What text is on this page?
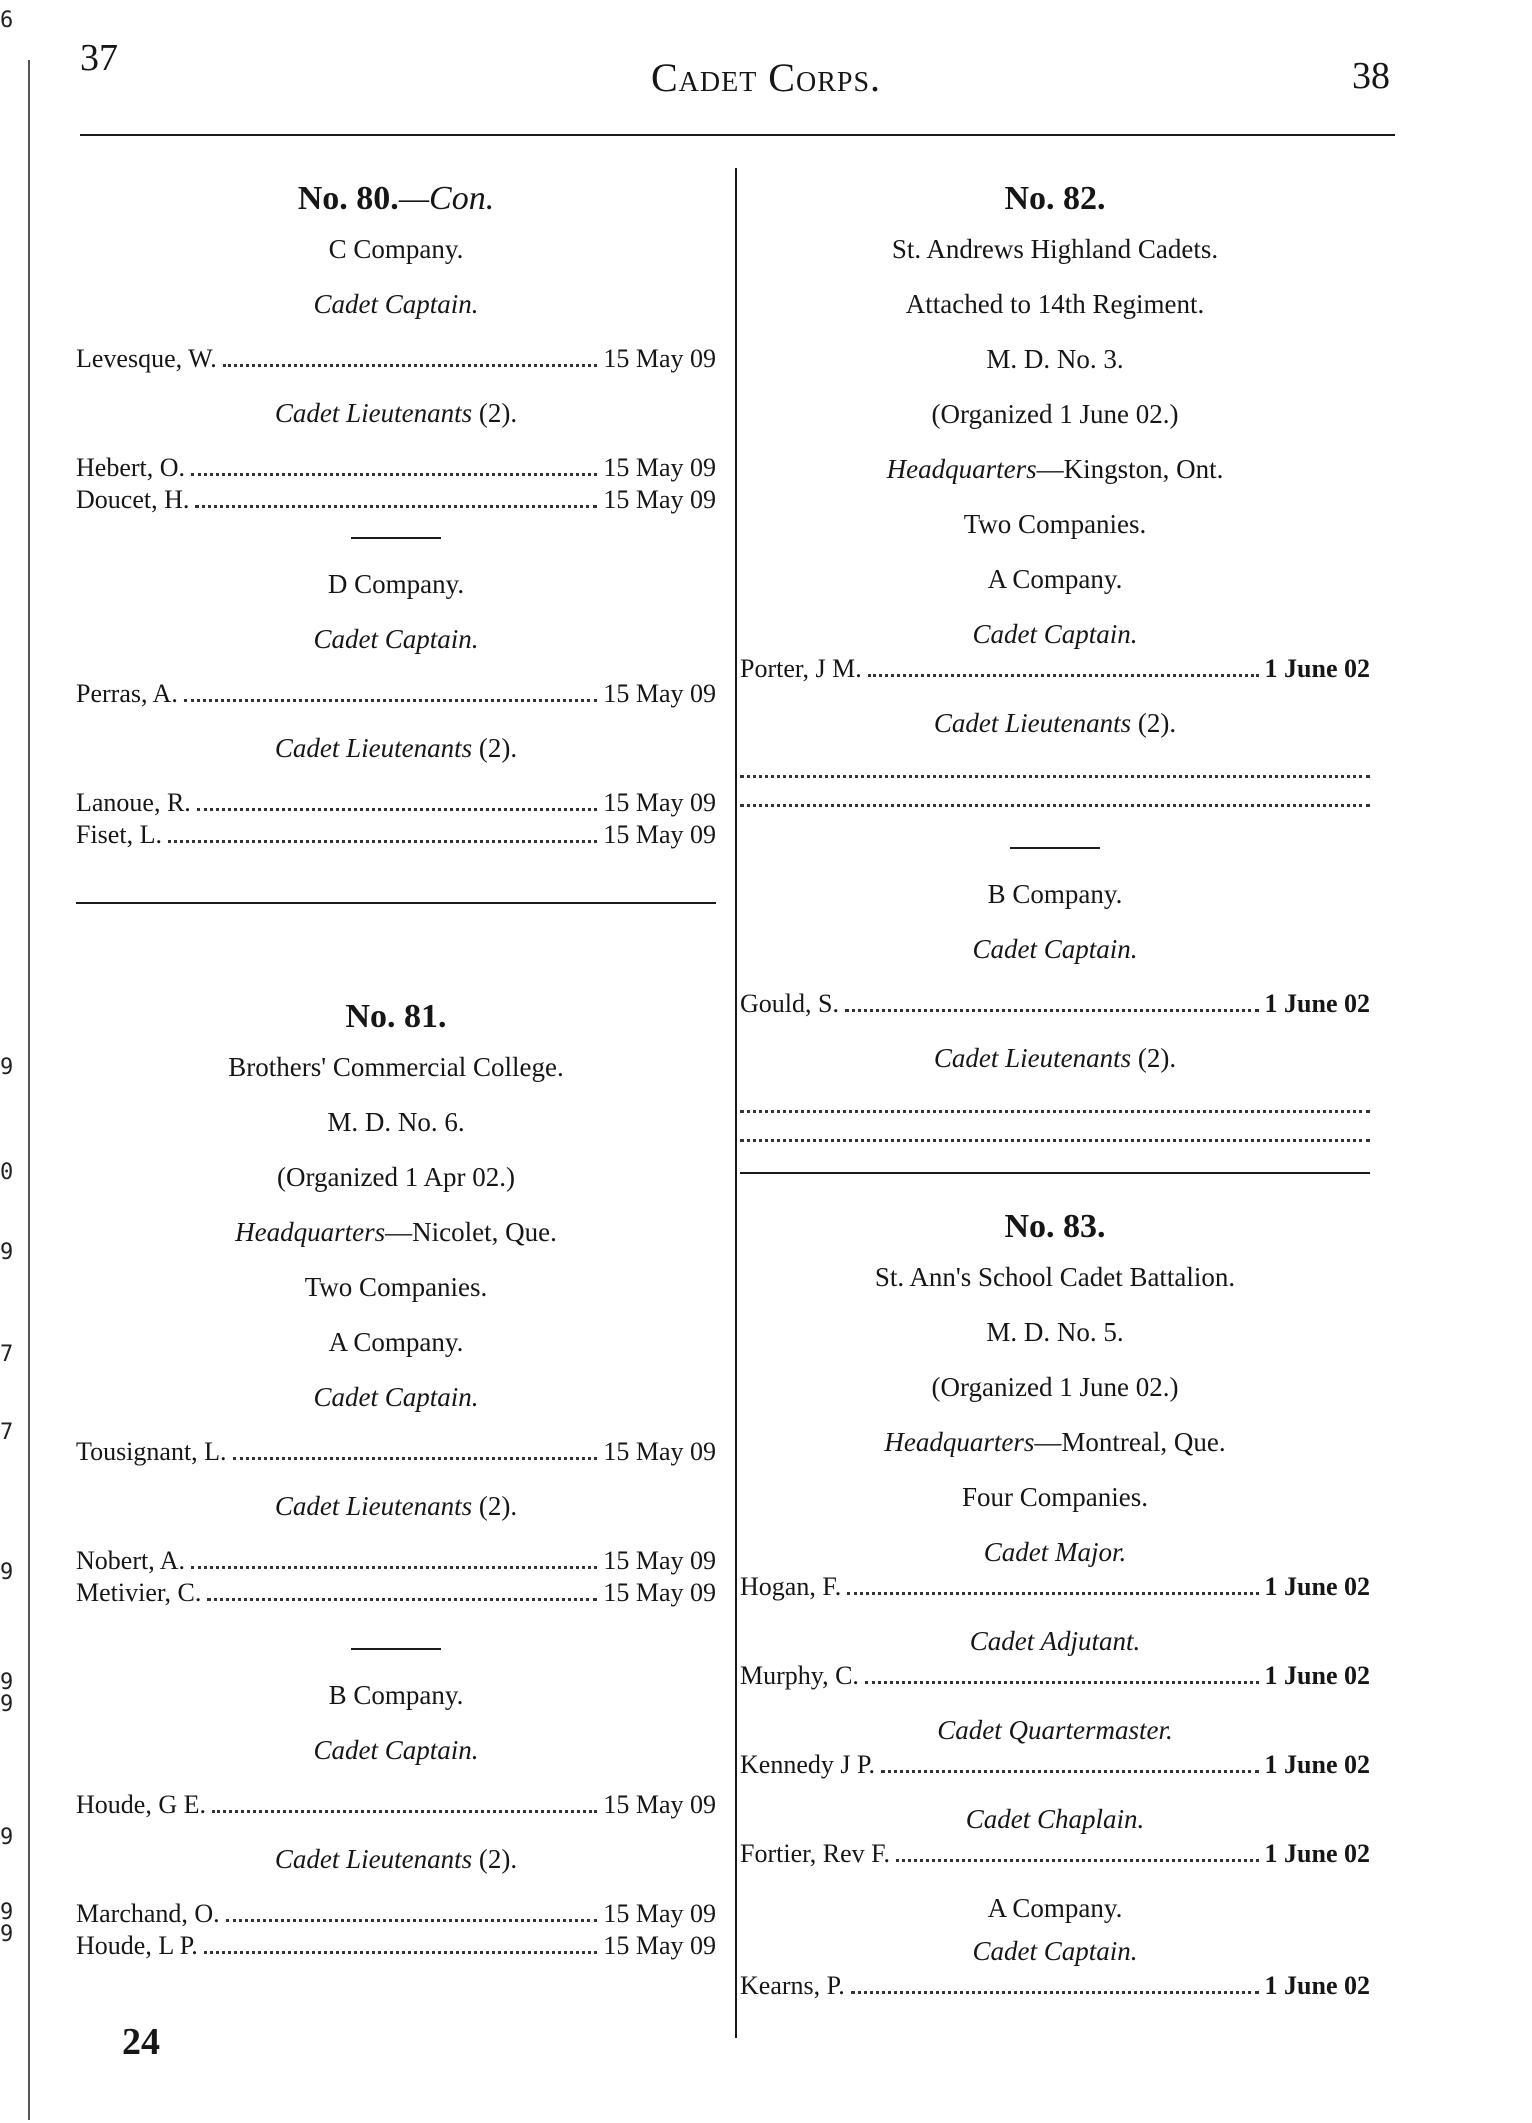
6
9
0
9
7
7
9
9
9
9
9
9
37	Cadet Corps.	38
No. 80.—Con.
C Company.
Cadet Captain.
Levesque, W.	15 May 09
Cadet Lieutenants (2).
Hebert, O.	15 May 09
Doucet, H.	15 May 09
D Company.
Cadet Captain.
Perras, A.	15 May 09
Cadet Lieutenants (2).
Lanoue, R.	15 May 09
Fiset, L.	15 May 09
No. 81.
Brothers' Commercial College.
M. D. No. 6.
(Organized 1 Apr 02.)
Headquarters—Nicolet, Que.
Two Companies.
A Company.
Cadet Captain.
Tousignant, L.	15 May 09
Cadet Lieutenants (2).
Nobert, A.	15 May 09
Metivier, C.	15 May 09
B Company.
Cadet Captain.
Houde, G E.	15 May 09
Cadet Lieutenants (2).
Marchand, O.	15 May 09
Houde, L P.	15 May 09
24
No. 82.
St. Andrews Highland Cadets.
Attached to 14th Regiment.
M. D. No. 3.
(Organized 1 June 02.)
Headquarters—Kingston, Ont.
Two Companies.
A Company.
Cadet Captain.
Porter, J M.	1 June 02
Cadet Lieutenants (2).
B Company.
Cadet Captain.
Gould, S.	1 June 02
Cadet Lieutenants (2).
No. 83.
St. Ann's School Cadet Battalion.
M. D. No. 5.
(Organized 1 June 02.)
Headquarters—Montreal, Que.
Four Companies.
Cadet Major.
Hogan, F.	1 June 02
Cadet Adjutant.
Murphy, C.	1 June 02
Cadet Quartermaster.
Kennedy J P.	1 June 02
Cadet Chaplain.
Fortier, Rev F.	1 June 02
A Company.
Cadet Captain.
Kearns, P.	1 June 02
